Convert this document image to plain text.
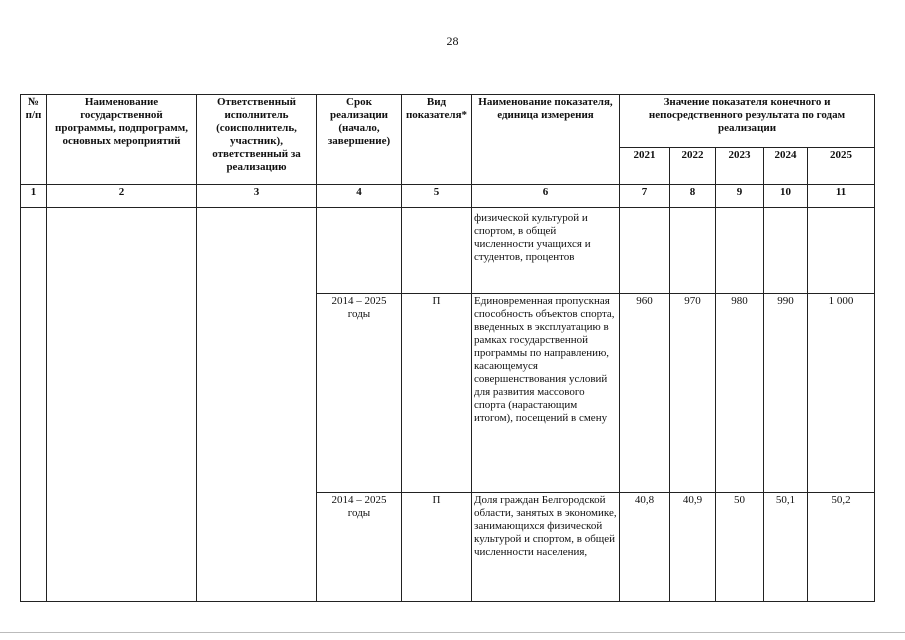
28
№ п/п	Наименование государственной программы, подпрограмм, основных мероприятий	Ответственный исполнитель (соисполнитель, участник), ответственный за реализацию	Срок реализации (начало, завершение)	Вид показателя*	Наименование показателя, единица измерения	Значение показателя конечного и непосредственного результата по годам реализации				
						2021	2022	2023	2024	2025
1	2	3	4	5	6	7	8	9	10	11
					физической культурой и спортом, в общей численности учащихся и студентов, процентов					
			2014 – 2025 годы	П	Единовременная пропускная способность объектов спорта, введенных в эксплуатацию в рамках государственной программы по направлению, касающемуся совершенствования условий для развития массового спорта (нарастающим итогом), посещений в смену	960	970	980	990	1 000
			2014 – 2025 годы	П	Доля граждан Белгородской области, занятых в экономике, занимающихся физической культурой и спортом, в общей численности населения,	40,8	40,9	50	50,1	50,2
